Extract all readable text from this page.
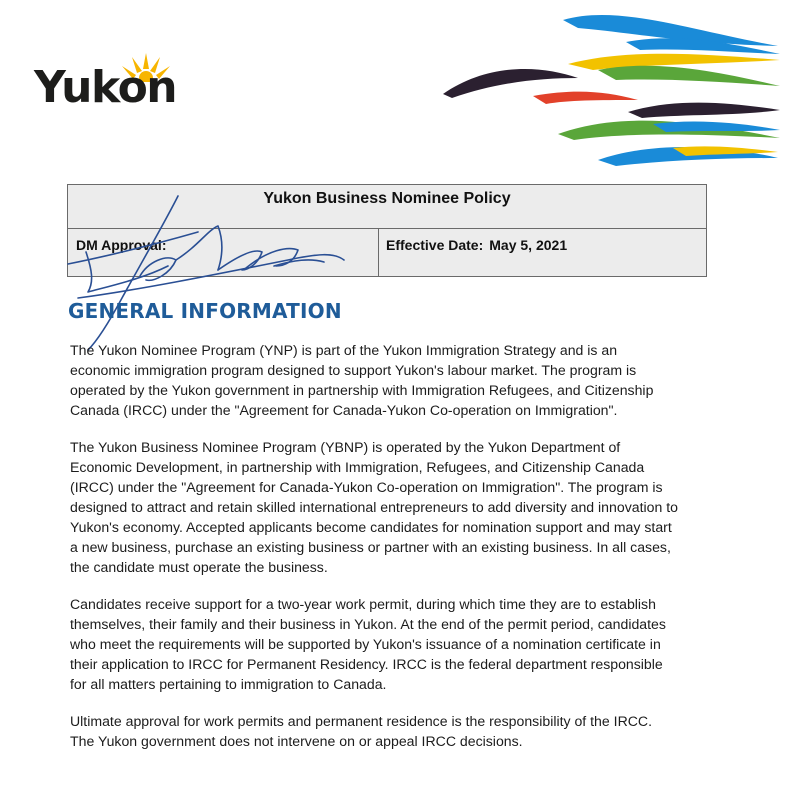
Yukon
Yukon Business Nominee Policy
DM Approval:	Effective Date: May 5, 2021
GENERAL INFORMATION

The Yukon Nominee Program (YNP) is part of the Yukon Immigration Strategy and is an economic immigration program designed to support Yukon's labour market. The program is operated by the Yukon government in partnership with Immigration Refugees, and Citizenship Canada (IRCC) under the "Agreement for Canada-Yukon Co-operation on Immigration".

The Yukon Business Nominee Program (YBNP) is operated by the Yukon Department of Economic Development, in partnership with Immigration, Refugees, and Citizenship Canada (IRCC) under the "Agreement for Canada-Yukon Co-operation on Immigration". The program is designed to attract and retain skilled international entrepreneurs to add diversity and innovation to Yukon's economy. Accepted applicants become candidates for nomination support and may start a new business, purchase an existing business or partner with an existing business. In all cases, the candidate must operate the business.

Candidates receive support for a two-year work permit, during which time they are to establish themselves, their family and their business in Yukon. At the end of the permit period, candidates who meet the requirements will be supported by Yukon's issuance of a nomination certificate in their application to IRCC for Permanent Residency. IRCC is the federal department responsible for all matters pertaining to immigration to Canada.

Ultimate approval for work permits and permanent residence is the responsibility of the IRCC. The Yukon government does not intervene on or appeal IRCC decisions.
